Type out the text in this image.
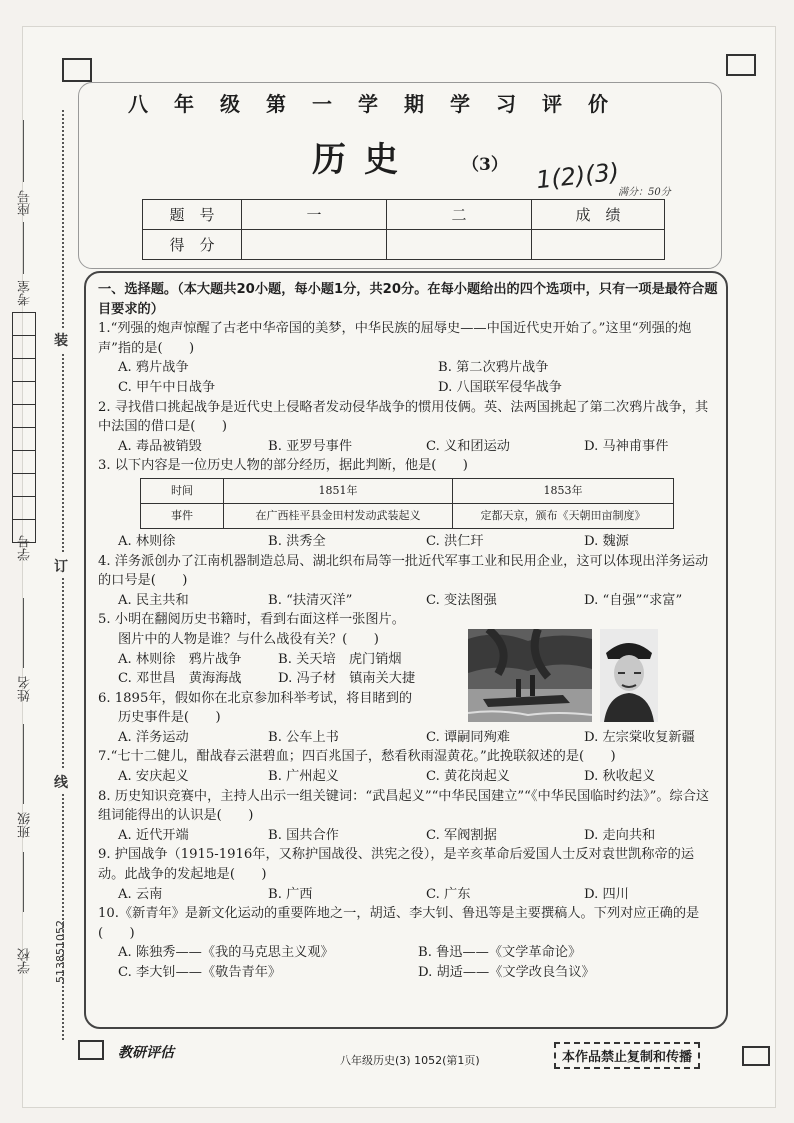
座号
考室
学号
姓名
班级
学校 513851052
装
订
线
八年级第一学期学习评价
历史	（3） 1(2)(3)
满分：50分
题　号	一	二	成　绩
得　分			

一、选择题。（本大题共20小题，每小题1分，共20分。在每小题给出的四个选项中，只有一项是最符合题目要求的）

1.“列强的炮声惊醒了古老中华帝国的美梦，中华民族的屈辱史——中国近代史开始了。”这里“列强的炮声”指的是(　　)

A. 鸦片战争	B. 第二次鸦片战争
C. 甲午中日战争	D. 八国联军侵华战争

2. 寻找借口挑起战争是近代史上侵略者发动侵华战争的惯用伎俩。英、法两国挑起了第二次鸦片战争，其中法国的借口是(　　)

A. 毒品被销毁	B. 亚罗号事件	C. 义和团运动	D. 马神甫事件

3. 以下内容是一位历史人物的部分经历，据此判断，他是(　　)

时间	1851年	1853年
事件	在广西桂平县金田村发动武装起义	定都天京，颁布《天朝田亩制度》
A. 林则徐	B. 洪秀全	C. 洪仁玕	D. 魏源

4. 洋务派创办了江南机器制造总局、湖北织布局等一批近代军事工业和民用企业，这可以体现出洋务运动的口号是(　　)

A. 民主共和	B. “扶清灭洋”	C. 变法图强	D. “自强”“求富”

5. 小明在翻阅历史书籍时，看到右面这样一张图片。

图片中的人物是谁？与什么战役有关？(　　)

A. 林则徐　鸦片战争	B. 关天培　虎门销烟
C. 邓世昌　黄海海战	D. 冯子材　镇南关大捷

6. 1895年，假如你在北京参加科举考试，将目睹到的

历史事件是(　　)

A. 洋务运动	B. 公车上书	C. 谭嗣同殉难	D. 左宗棠收复新疆

7.“七十二健儿，酣战春云湛碧血；四百兆国子，愁看秋雨湿黄花。”此挽联叙述的是(　　)

A. 安庆起义	B. 广州起义	C. 黄花岗起义	D. 秋收起义

8. 历史知识竞赛中，主持人出示一组关键词：“武昌起义”“中华民国建立”“《中华民国临时约法》”。综合这组词能得出的认识是(　　)

A. 近代开端	B. 国共合作	C. 军阀割据	D. 走向共和

9. 护国战争（1915-1916年，又称护国战役、洪宪之役），是辛亥革命后爱国人士反对袁世凯称帝的运动。此战争的发起地是(　　)

A. 云南	B. 广西	C. 广东	D. 四川

10.《新青年》是新文化运动的重要阵地之一，胡适、李大钊、鲁迅等是主要撰稿人。下列对应正确的是(　　)

A. 陈独秀——《我的马克思主义观》	B. 鲁迅——《文学革命论》
C. 李大钊——《敬告青年》	D. 胡适——《文学改良刍议》
教研评估	八年级历史(3) 1052(第1页)	本作品禁止复制和传播
